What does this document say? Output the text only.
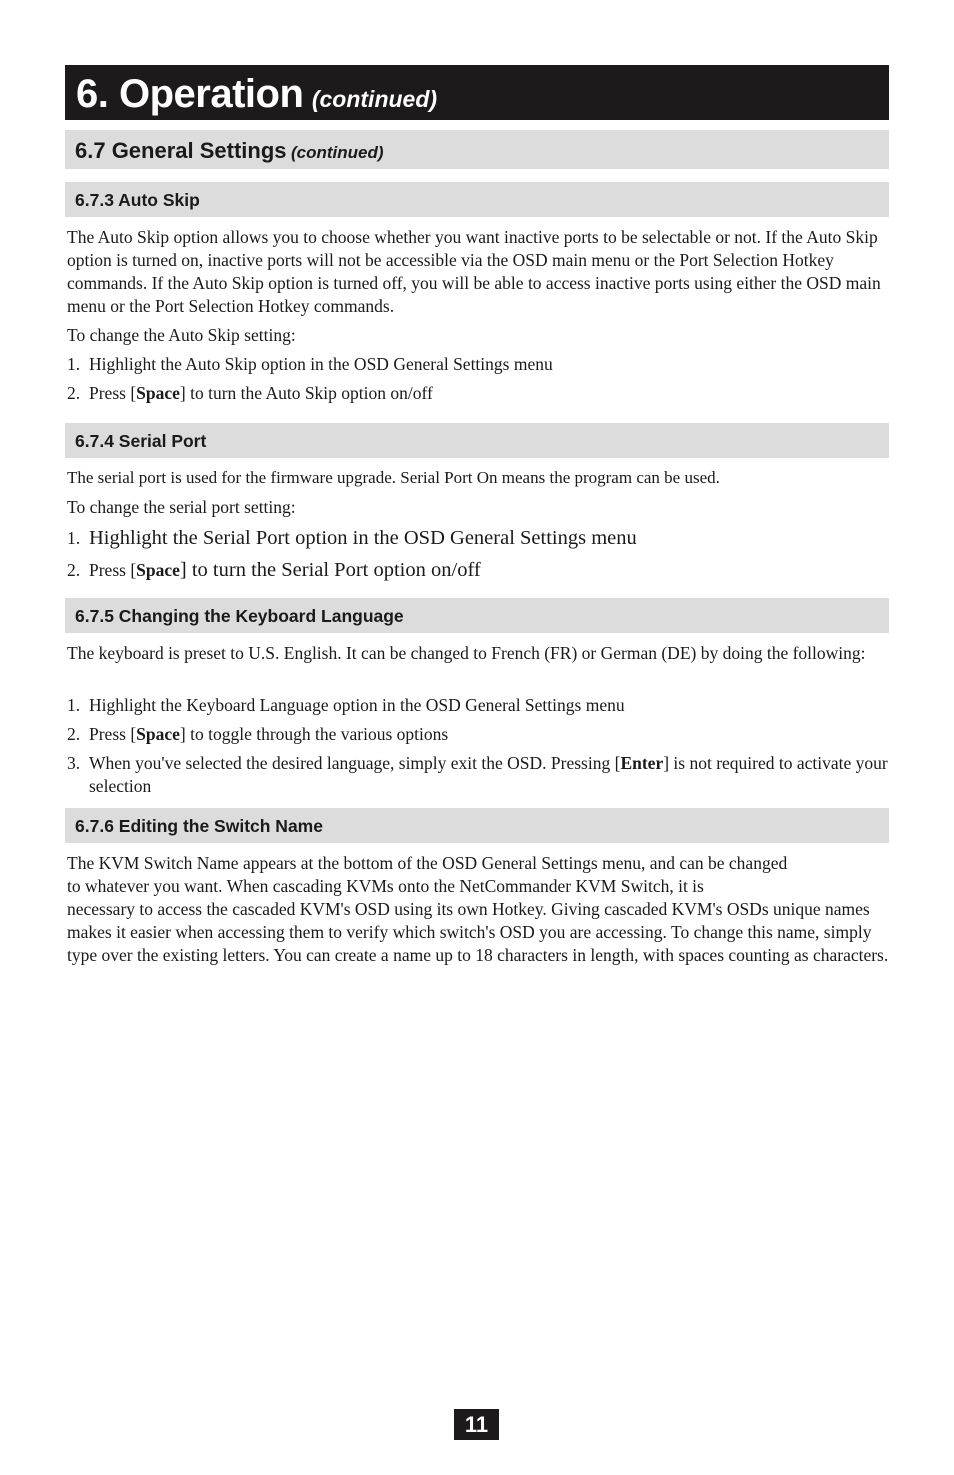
6. Operation (continued)
6.7 General Settings (continued)
6.7.3 Auto Skip

The Auto Skip option allows you to choose whether you want inactive ports to be selectable or not. If the Auto Skip option is turned on, inactive ports will not be accessible via the OSD main menu or the Port Selection Hotkey commands. If the Auto Skip option is turned off, you will be able to access inactive ports using either the OSD main menu or the Port Selection Hotkey commands.

To change the Auto Skip setting:

1. Highlight the Auto Skip option in the OSD General Settings menu
2. Press [Space] to turn the Auto Skip option on/off
6.7.4 Serial Port

The serial port is used for the firmware upgrade. Serial Port On means the program can be used.

To change the serial port setting:

1. Highlight the Serial Port option in the OSD General Settings menu
2. Press [Space] to turn the Serial Port option on/off
6.7.5 Changing the Keyboard Language

The keyboard is preset to U.S. English. It can be changed to French (FR) or German (DE) by doing the following:

1. Highlight the Keyboard Language option in the OSD General Settings menu
2. Press [Space] to toggle through the various options
3. When you've selected the desired language, simply exit the OSD. Pressing [Enter] is not required to activate your selection
6.7.6 Editing the Switch Name
The KVM Switch Name appears at the bottom of the OSD General Settings menu, and can be changed
to whatever you want. When cascading KVMs onto the NetCommander KVM Switch, it is
necessary to access the cascaded KVM's OSD using its own Hotkey. Giving cascaded KVM's OSDs unique names makes it easier when accessing them to verify which switch's OSD you are accessing. To change this name, simply type over the existing letters. You can create a name up to 18 characters in length, with spaces counting as characters.
11
